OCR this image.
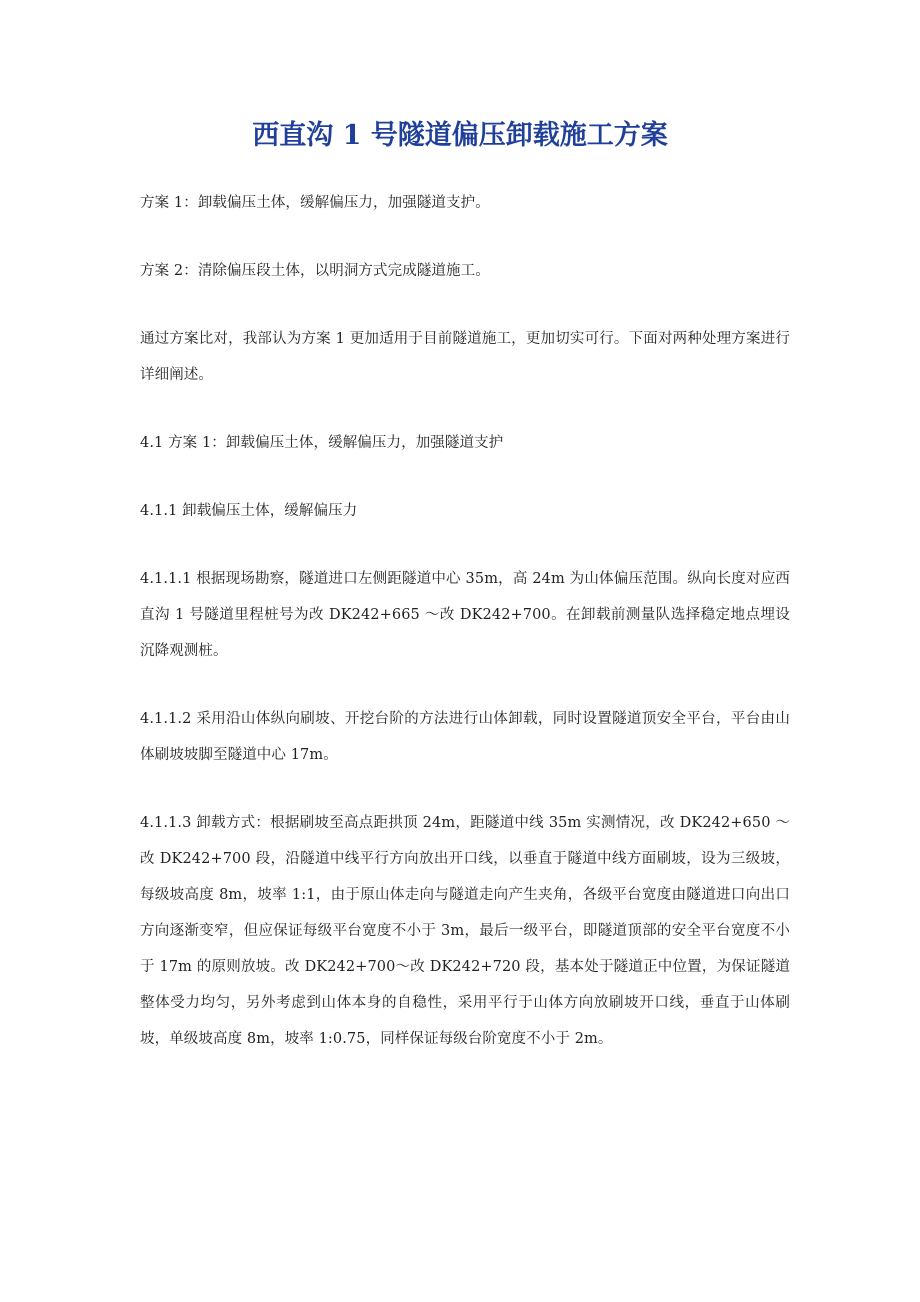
西直沟 1 号隧道偏压卸载施工方案

方案 1：卸载偏压土体，缓解偏压力，加强隧道支护。

方案 2：清除偏压段土体，以明洞方式完成隧道施工。

通过方案比对，我部认为方案 1 更加适用于目前隧道施工，更加切实可行。下面对两种处理方案进行详细阐述。

4.1 方案 1：卸载偏压土体，缓解偏压力，加强隧道支护

4.1.1 卸载偏压土体，缓解偏压力

4.1.1.1 根据现场勘察，隧道进口左侧距隧道中心 35m，高 24m 为山体偏压范围。纵向长度对应西直沟 1 号隧道里程桩号为改 DK242+665 ～改 DK242+700。在卸载前测量队选择稳定地点埋设沉降观测桩。

4.1.1.2 采用沿山体纵向刷坡、开挖台阶的方法进行山体卸载，同时设置隧道顶安全平台，平台由山体刷坡坡脚至隧道中心 17m。

4.1.1.3 卸载方式：根据刷坡至高点距拱顶 24m，距隧道中线 35m 实测情况，改 DK242+650 ～改 DK242+700 段，沿隧道中线平行方向放出开口线，以垂直于隧道中线方面刷坡，设为三级坡，每级坡高度 8m，坡率 1:1，由于原山体走向与隧道走向产生夹角，各级平台宽度由隧道进口向出口方向逐渐变窄，但应保证每级平台宽度不小于 3m，最后一级平台，即隧道顶部的安全平台宽度不小于 17m 的原则放坡。改 DK242+700～改 DK242+720 段，基本处于隧道正中位置，为保证隧道整体受力均匀，另外考虑到山体本身的自稳性，采用平行于山体方向放刷坡开口线，垂直于山体刷坡，单级坡高度 8m，坡率 1:0.75，同样保证每级台阶宽度不小于 2m。
